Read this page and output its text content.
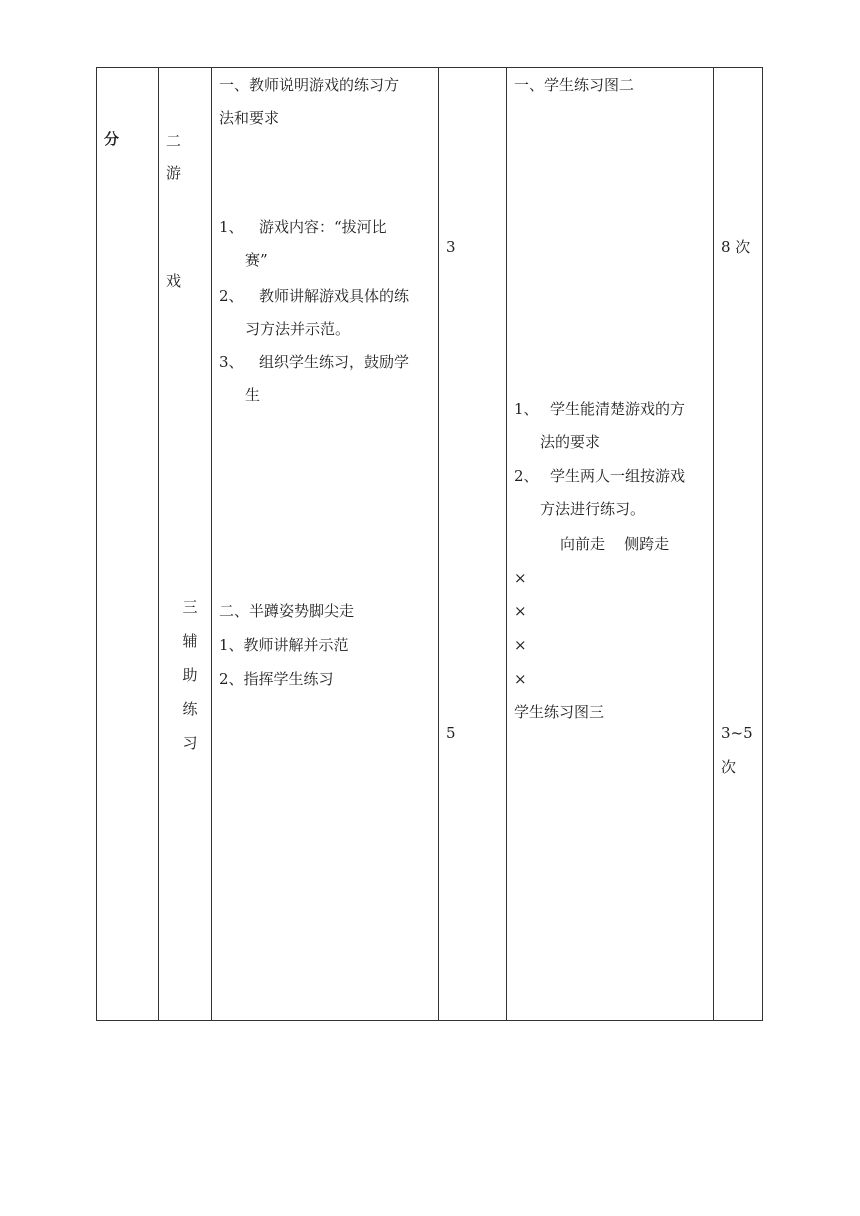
分	二
游
戏
三
辅
助
练
习
一、教师说明游戏的练习方
法和要求
1、 游戏内容：“拔河比
赛”
2、 教师讲解游戏具体的练
习方法并示范。
3、 组织学生练习，鼓励学
生
二、半蹲姿势脚尖走
1、教师讲解并示范
2、指挥学生练习
3
5
一、学生练习图二
1、 学生能清楚游戏的方
法的要求
2、 学生两人一组按游戏
方法进行练习。
向前走    侧跨走
×
×
×
×
学生练习图三
8 次
3~5
次
